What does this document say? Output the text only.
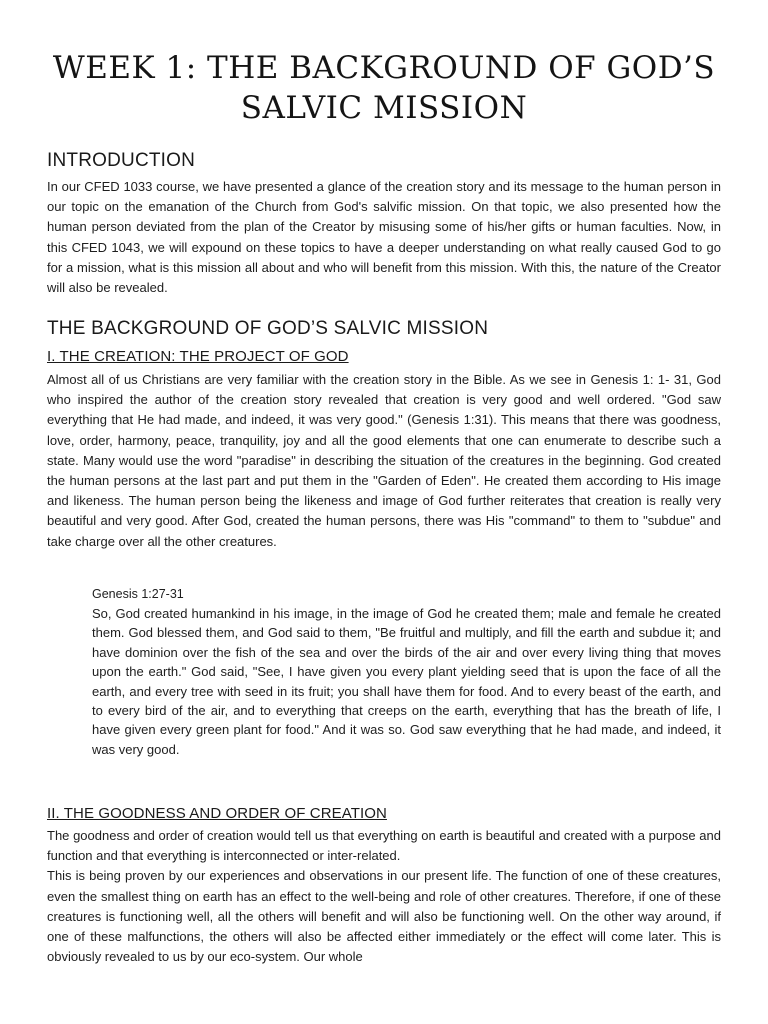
WEEK 1: THE BACKGROUND OF GOD’S SALVIC MISSION
INTRODUCTION

In our CFED 1033 course, we have presented a glance of the creation story and its message to the human person in our topic on the emanation of the Church from God's salvific mission. On that topic, we also presented how the human person deviated from the plan of the Creator by misusing some of his/her gifts or human faculties. Now, in this CFED 1043, we will expound on these topics to have a deeper understanding on what really caused God to go for a mission, what is this mission all about and who will benefit from this mission. With this, the nature of the Creator will also be revealed.

THE BACKGROUND OF GOD’S SALVIC MISSION
I. THE CREATION: THE PROJECT OF GOD

Almost all of us Christians are very familiar with the creation story in the Bible. As we see in Genesis 1: 1- 31, God who inspired the author of the creation story revealed that creation is very good and well ordered. "God saw everything that He had made, and indeed, it was very good." (Genesis 1:31). This means that there was goodness, love, order, harmony, peace, tranquility, joy and all the good elements that one can enumerate to describe such a state. Many would use the word "paradise" in describing the situation of the creatures in the beginning. God created the human persons at the last part and put them in the "Garden of Eden". He created them according to His image and likeness. The human person being the likeness and image of God further reiterates that creation is really very beautiful and very good. After God, created the human persons, there was His "command" to them to "subdue" and take charge over all the other creatures.

Genesis 1:27-31

So, God created humankind in his image, in the image of God he created them; male and female he created them. God blessed them, and God said to them, "Be fruitful and multiply, and fill the earth and subdue it; and have dominion over the fish of the sea and over the birds of the air and over every living thing that moves upon the earth." God said, "See, I have given you every plant yielding seed that is upon the face of all the earth, and every tree with seed in its fruit; you shall have them for food. And to every beast of the earth, and to every bird of the air, and to everything that creeps on the earth, everything that has the breath of life, I have given every green plant for food." And it was so. God saw everything that he had made, and indeed, it was very good.

II. THE GOODNESS AND ORDER OF CREATION
The goodness and order of creation would tell us that everything on earth is beautiful and created with a purpose and function and that everything is interconnected or inter-related.
This is being proven by our experiences and observations in our present life. The function of one of these creatures, even the smallest thing on earth has an effect to the well-being and role of other creatures. Therefore, if one of these creatures is functioning well, all the others will benefit and will also be functioning well. On the other way around, if one of these malfunctions, the others will also be affected either immediately or the effect will come later. This is obviously revealed to us by our eco-system. Our whole
